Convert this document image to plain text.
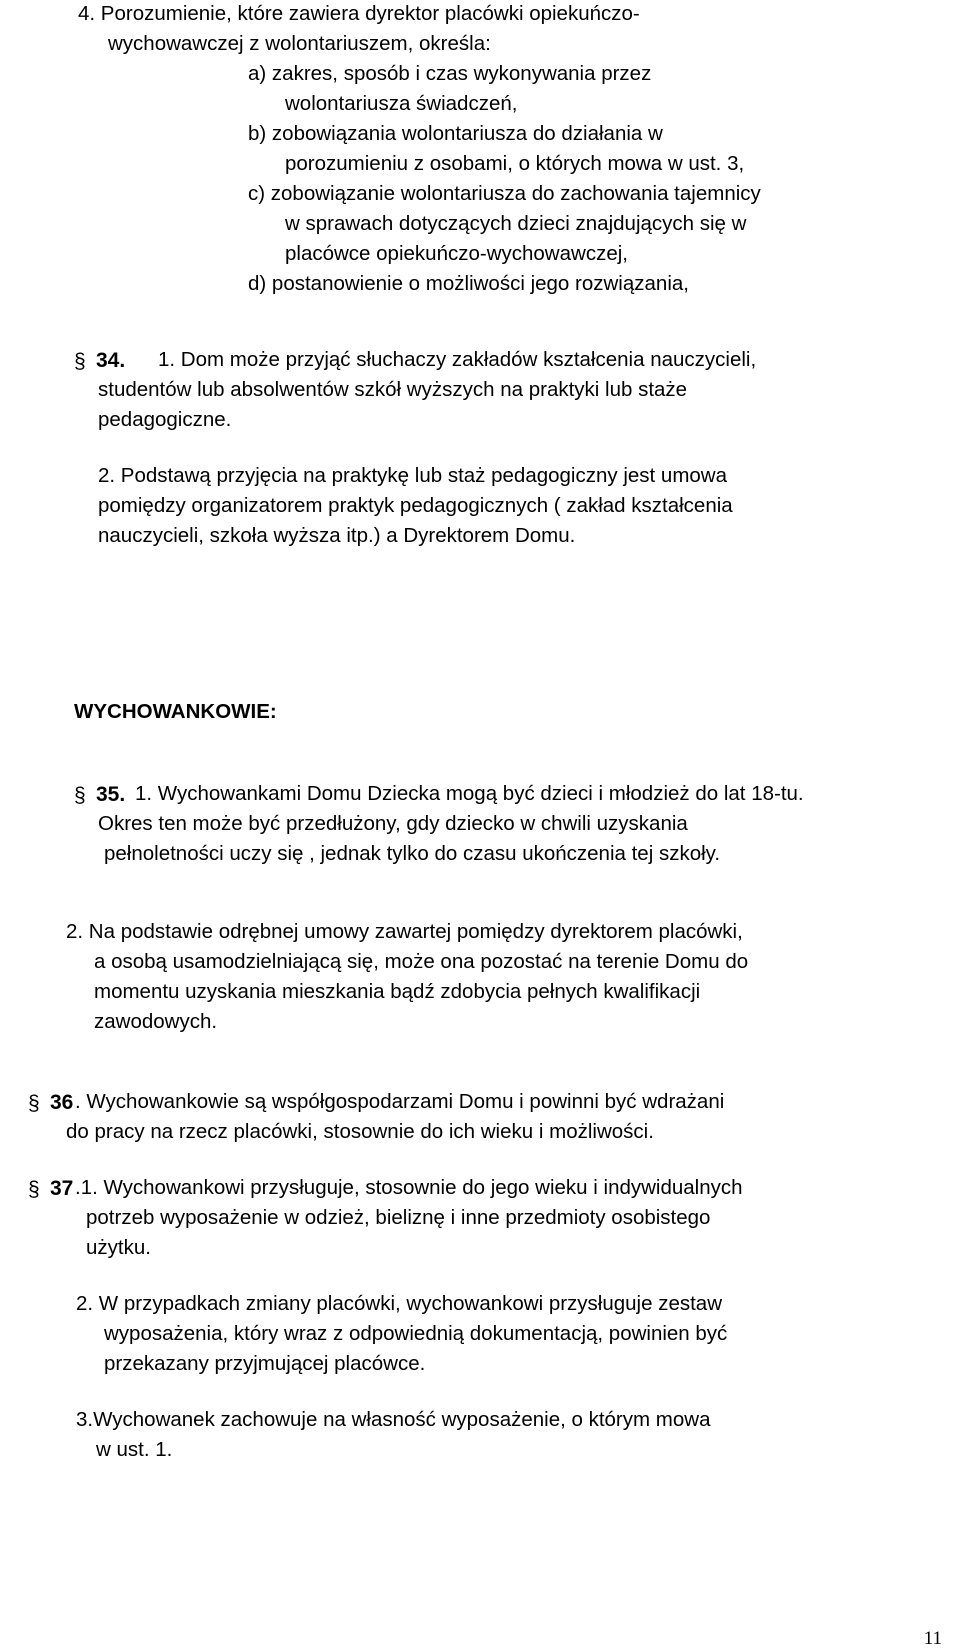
4. Porozumienie, które zawiera dyrektor placówki opiekuńczo-
wychowawczej z wolontariuszem, określa:
a) zakres, sposób i czas wykonywania przez
wolontariusza świadczeń,
b) zobowiązania wolontariusza do działania w
porozumieniu z osobami, o których mowa w ust. 3,
c) zobowiązanie wolontariusza do zachowania tajemnicy
w sprawach dotyczących dzieci znajdujących się w
placówce opiekuńczo-wychowawczej,
d) postanowienie o możliwości jego rozwiązania,
§ 34. 1. Dom może przyjąć słuchaczy zakładów kształcenia nauczycieli,
studentów lub absolwentów szkół wyższych na praktyki lub staże
pedagogiczne.
2. Podstawą przyjęcia na praktykę lub staż pedagogiczny jest umowa
pomiędzy organizatorem praktyk pedagogicznych ( zakład kształcenia
nauczycieli, szkoła wyższa itp.) a Dyrektorem Domu.
WYCHOWANKOWIE:
§ 35. 1. Wychowankami Domu Dziecka mogą być dzieci i młodzież do lat 18-tu.
Okres ten może być przedłużony, gdy dziecko w chwili uzyskania
pełnoletności uczy się , jednak tylko do czasu ukończenia tej szkoły.
2. Na podstawie odrębnej umowy zawartej pomiędzy dyrektorem placówki,
a osobą usamodzielniającą się, może ona pozostać na terenie Domu do
momentu uzyskania mieszkania bądź zdobycia pełnych kwalifikacji
zawodowych.
§ 36 . Wychowankowie są współgospodarzami Domu i powinni być wdrażani
do pracy na rzecz placówki, stosownie do ich wieku i możliwości.
§ 37 .1. Wychowankowi przysługuje, stosownie do jego wieku i indywidualnych
potrzeb wyposażenie w odzież, bieliznę i inne przedmioty osobistego
użytku.
2. W przypadkach zmiany placówki, wychowankowi przysługuje zestaw
wyposażenia, który wraz z odpowiednią dokumentacją, powinien być
przekazany przyjmującej placówce.
3.Wychowanek zachowuje na własność wyposażenie, o którym mowa
w ust. 1.
11
